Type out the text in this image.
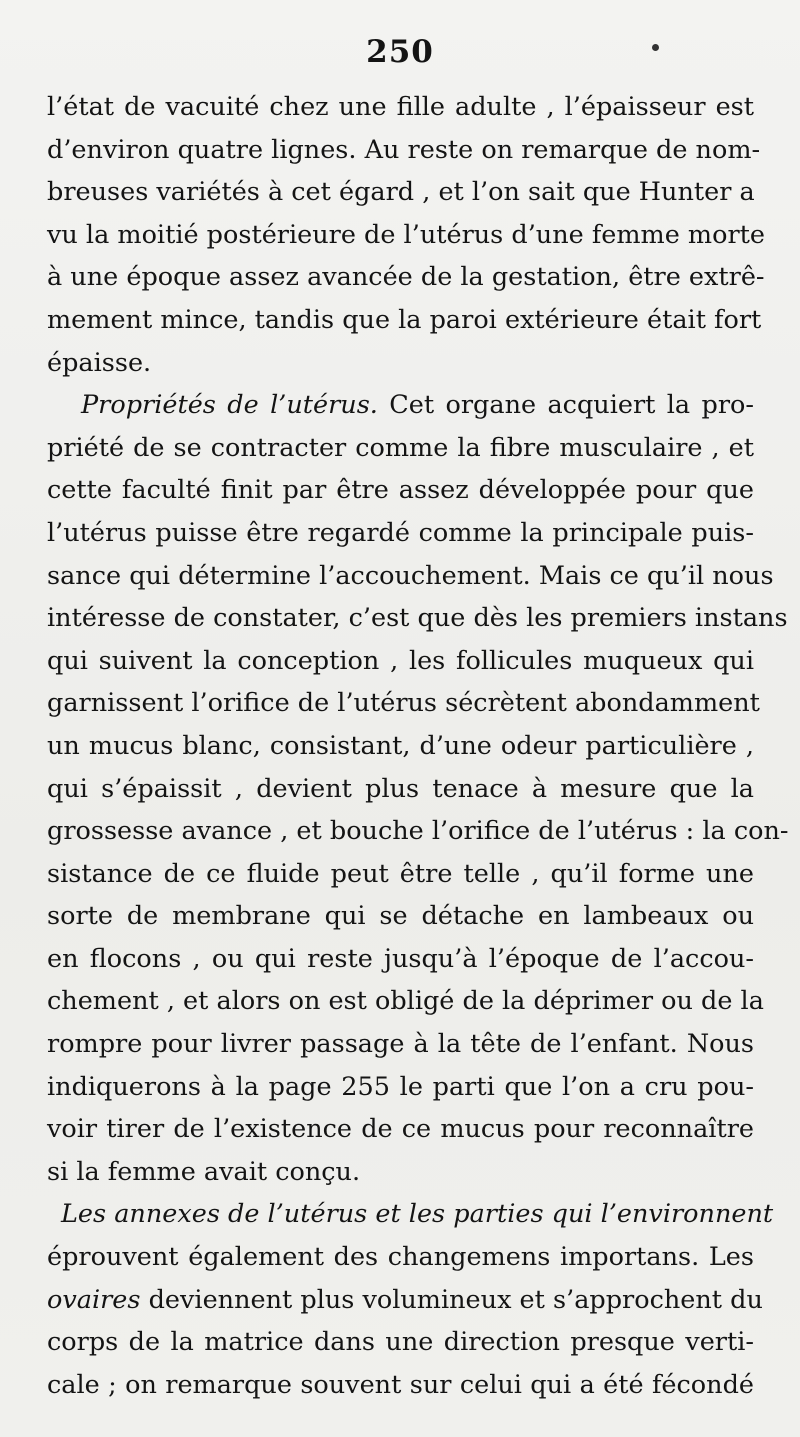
250
l’état de vacuité chez une fille adulte , l’épaisseur est
d’environ quatre lignes. Au reste on remarque de nom-
breuses variétés à cet égard , et l’on sait que Hunter a
vu la moitié postérieure de l’utérus d’une femme morte
à une époque assez avancée de la gestation, être extrê-
mement mince, tandis que la paroi extérieure était fort
épaisse.
Propriétés de l’utérus. Cet organe acquiert la pro-
priété de se contracter comme la fibre musculaire , et
cette faculté finit par être assez développée pour que
l’utérus puisse être regardé comme la principale puis-
sance qui détermine l’accouchement. Mais ce qu’il nous
intéresse de constater, c’est que dès les premiers instans
qui suivent la conception , les follicules muqueux qui
garnissent l’orifice de l’utérus sécrètent abondamment
un mucus blanc, consistant, d’une odeur particulière ,
qui s’épaissit , devient plus tenace à mesure que la
grossesse avance , et bouche l’orifice de l’utérus : la con-
sistance de ce fluide peut être telle , qu’il forme une
sorte de membrane qui se détache en lambeaux ou
en flocons , ou qui reste jusqu’à l’époque de l’accou-
chement , et alors on est obligé de la déprimer ou de la
rompre pour livrer passage à la tête de l’enfant. Nous
indiquerons à la page 255 le parti que l’on a cru pou-
voir tirer de l’existence de ce mucus pour reconnaître
si la femme avait conçu.
Les annexes de l’utérus et les parties qui l’environnent
éprouvent également des changemens importans. Les
ovaires deviennent plus volumineux et s’approchent du
corps de la matrice dans une direction presque verti-
cale ; on remarque souvent sur celui qui a été fécondé
